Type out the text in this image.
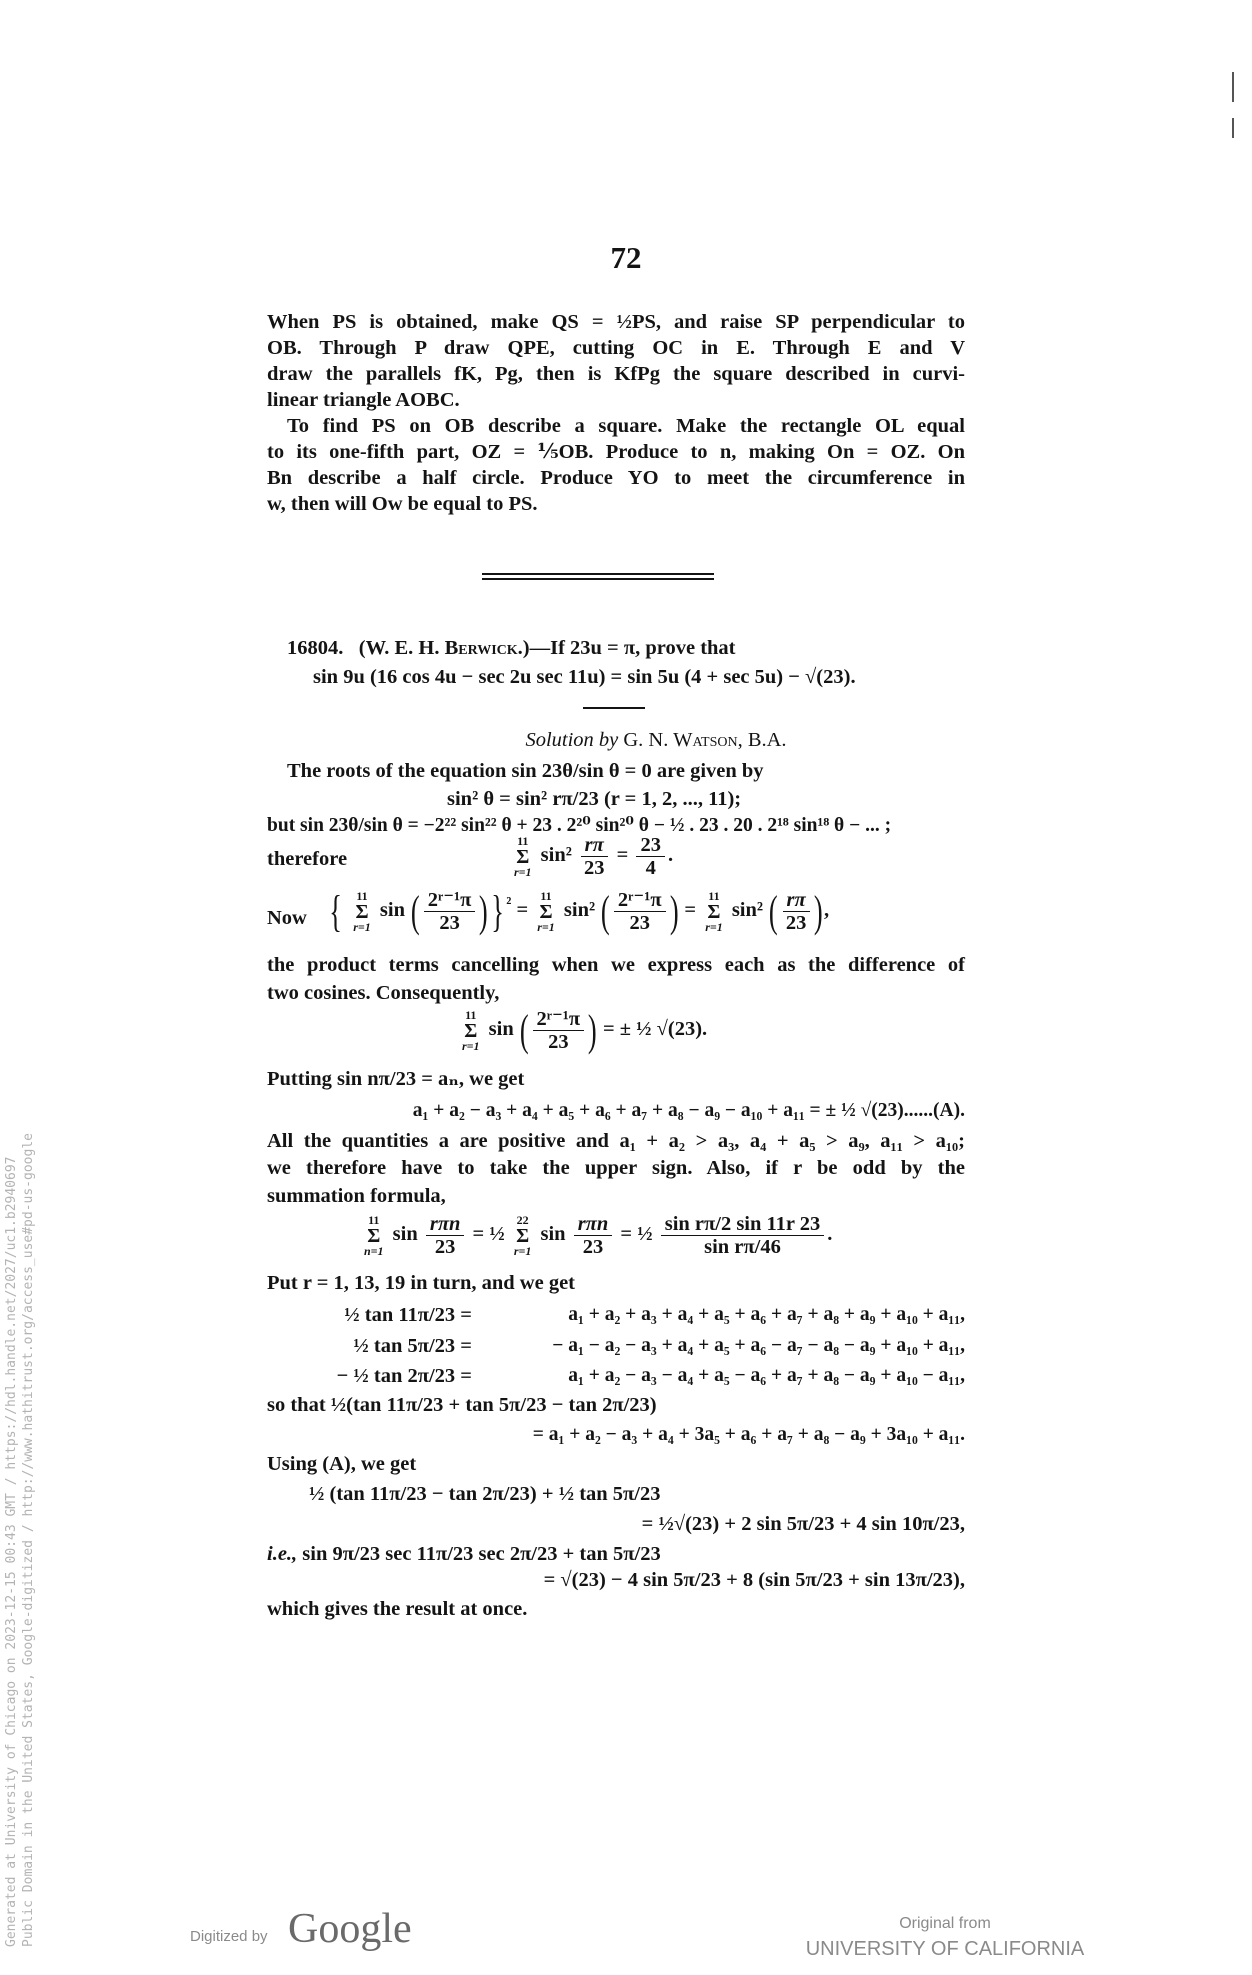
72
When PS is obtained, make QS = ½PS, and raise SP perpendicular to
OB. Through P draw QPE, cutting OC in E. Through E and V
draw the parallels fK, Pg, then is KfPg the square described in curvi-
linear triangle AOBC.
To find PS on OB describe a square. Make the rectangle OL equal
to its one-fifth part, OZ = ⅕OB. Produce to n, making On = OZ. On
Bn describe a half circle. Produce YO to meet the circumference in
w, then will Ow be equal to PS.
16804. (W. E. H. Berwick.)—If 23u = π, prove that
sin 9u (16 cos 4u − sec 2u sec 11u) = sin 5u (4 + sec 5u) − √(23).
Solution by G. N. Watson, B.A.
The roots of the equation sin 23θ/sin θ = 0 are given by
sin² θ = sin² rπ/23 (r = 1, 2, ..., 11);
but sin 23θ/sin θ = −2²² sin²² θ + 23 . 2²⁰ sin²⁰ θ − ½ . 23 . 20 . 2¹⁸ sin¹⁸ θ − ... ;
therefore
11
Σ
r=1
$\sin^2 \frac{r\pi}{23} = \frac{23}{4}$ .
Now { 11
Σ
r=1
sin ( $\frac{\text{2ʳ⁻¹π}}{23}$ )} $^{^2}$ =
11
Σ
r=1
sin² ( $\frac{\text{2ʳ⁻¹π}}{23}$ ) =
11
Σ
r=1
sin² ( $\frac{r\pi}{23}$ ),
the product terms cancelling when we express each as the difference of
two cosines. Consequently,
11
Σ
r=1
sin ( $\frac{\text{2ʳ⁻¹π}}{23}$ ) = ± ½ √(23).
Putting sin nπ/23 = aₙ, we get
a₁ + a₂ − a₃ + a₄ + a₅ + a₆ + a₇ + a₈ − a₉ − a₁₀ + a₁₁ = ± ½ √(23)......(A).
All the quantities a are positive and a₁ + a₂ > a₃, a₄ + a₅ > a₉, a₁₁ > a₁₀;
we therefore have to take the upper sign. Also, if r be odd by the
summation formula,
11
Σ
n=1
$\sin \frac{\text{rπn}}{23}$ = ½
22
Σ
r=1
$\sin \frac{\text{rπn}}{23}$ = ½ $\frac{\text{sin rπ/2 sin 11r 23}}{\text{sin rπ/46}}$ .
Put r = 1, 13, 19 in turn, and we get
½ tan 11π/23 =	a₁ + a₂ + a₃ + a₄ + a₅ + a₆ + a₇ + a₈ + a₉ + a₁₀ + a₁₁,
½ tan 5π/23 =	− a₁ − a₂ − a₃ + a₄ + a₅ + a₆ − a₇ − a₈ − a₉ + a₁₀ + a₁₁,
− ½ tan 2π/23 =	a₁ + a₂ − a₃ − a₄ + a₅ − a₆ + a₇ + a₈ − a₉ + a₁₀ − a₁₁,
so that ½(tan 11π/23 + tan 5π/23 − tan 2π/23)
= a₁ + a₂ − a₃ + a₄ + 3a₅ + a₆ + a₇ + a₈ − a₉ + 3a₁₀ + a₁₁.
Using (A), we get
½ (tan 11π/23 − tan 2π/23) + ½ tan 5π/23
= ½√(23) + 2 sin 5π/23 + 4 sin 10π/23,
i.e., sin 9π/23 sec 11π/23 sec 2π/23 + tan 5π/23
= √(23) − 4 sin 5π/23 + 8 (sin 5π/23 + sin 13π/23),
which gives the result at once.
Generated at University of Chicago on 2023-12-15 00:43 GMT / https://hdl.handle.net/2027/uc1.b2940697 Public Domain in the United States, Google-digitized / http://www.hathitrust.org/access_use#pd-us-google	Digitized by Google	Original from
UNIVERSITY OF CALIFORNIA
